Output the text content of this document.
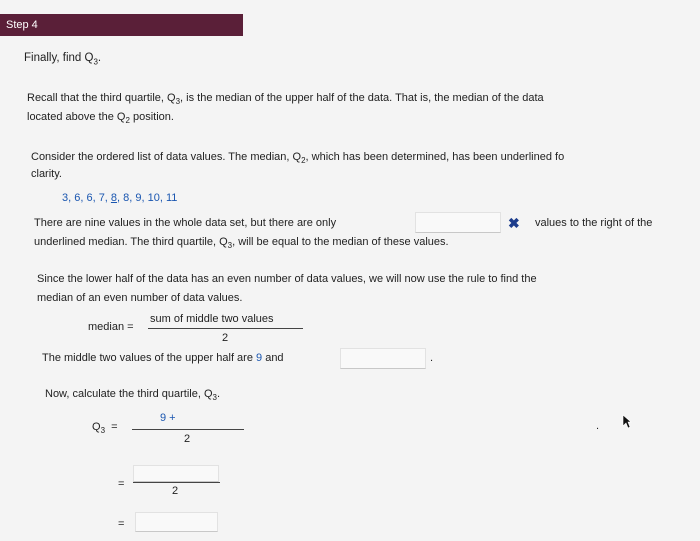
Step 4
Finally, find $Q_3$.
Recall that the third quartile, $Q_3$, is the median of the upper half of the data. That is, the median of the data
located above the $Q_2$ position.
Consider the ordered list of data values. The median, $Q_2$, which has been determined, has been underlined fo
clarity.
3, 6, 6, 7, 8, 8, 9, 10, 11
There are nine values in the whole data set, but there are only	✖ values to the right of the
underlined median. The third quartile, $Q_3$, will be equal to the median of these values.
Since the lower half of the data has an even number of data values, we will now use the rule to find the
median of an even number of data values.
median =
sum of middle two values
2
The middle two values of the upper half are 9 and	.
Now, calculate the third quartile, $Q_3$.
$Q_3$ =
9 +
2
.
=
2
=
